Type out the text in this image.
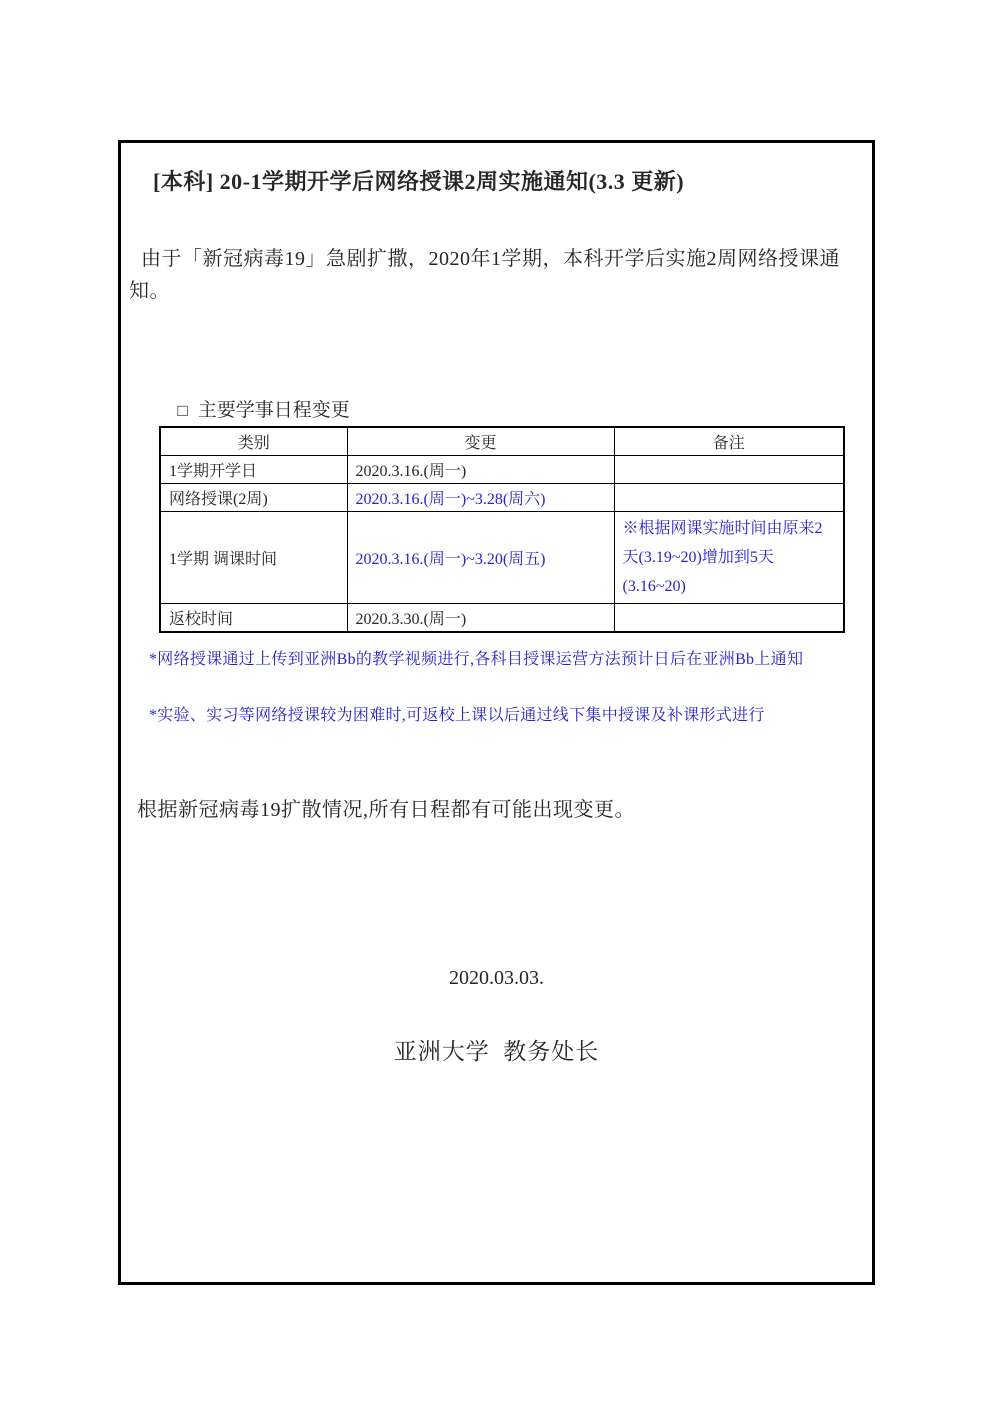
[本科] 20-1学期开学后网络授课2周实施通知(3.3 更新)
由于「新冠病毒19」急剧扩撒，2020年1学期，本科开学后实施2周网络授课通知。

□ 主要学事日程变更

类别	变更	备注
1学期开学日	2020.3.16.(周一)	
网络授课(2周)	2020.3.16.(周一)~3.28(周六)	
1学期 调课时间	2020.3.16.(周一)~3.20(周五)	※根据网课实施时间由原来2天(3.19~20)增加到5天(3.16~20)
返校时间	2020.3.30.(周一)	
*网络授课通过上传到亚洲Bb的教学视频进行,各科目授课运营方法预计日后在亚洲Bb上通知
*实验、实习等网络授课较为困难时,可返校上课以后通过线下集中授课及补课形式进行
根据新冠病毒19扩散情况,所有日程都有可能出现变更。
2020.03.03.
亚洲大学  教务处长
